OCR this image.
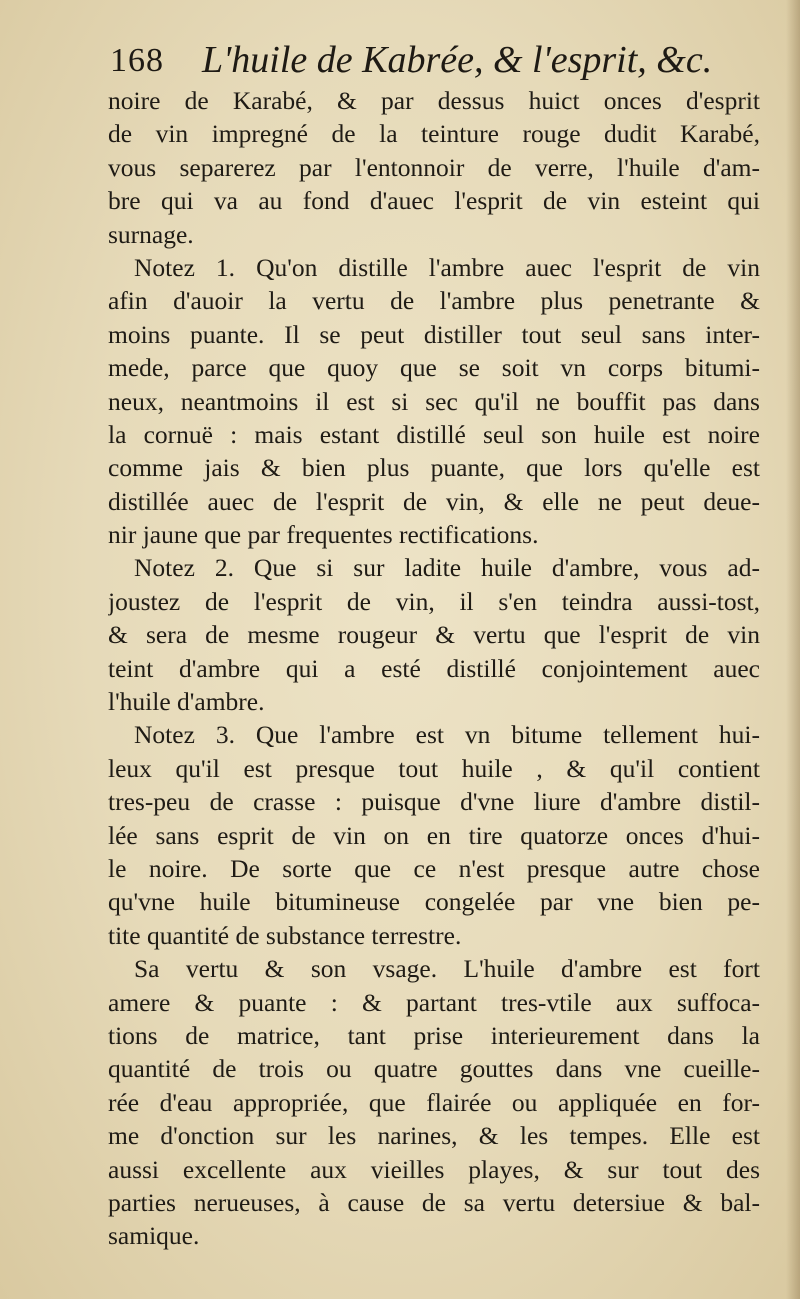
168 L'huile de Kabrée, & l'esprit, &c.
noire de Karabé, & par dessus huict onces d'esprit
de vin impregné de la teinture rouge dudit Karabé,
vous separerez par l'entonnoir de verre, l'huile d'am-
bre qui va au fond d'auec l'esprit de vin esteint qui
surnage.
Notez 1. Qu'on distille l'ambre auec l'esprit de vin
afin d'auoir la vertu de l'ambre plus penetrante &
moins puante. Il se peut distiller tout seul sans inter-
mede, parce que quoy que se soit vn corps bitumi-
neux, neantmoins il est si sec qu'il ne bouffit pas dans
la cornuë : mais estant distillé seul son huile est noire
comme jais & bien plus puante, que lors qu'elle est
distillée auec de l'esprit de vin, & elle ne peut deue-
nir jaune que par frequentes rectifications.
Notez 2. Que si sur ladite huile d'ambre, vous ad-
joustez de l'esprit de vin, il s'en teindra aussi-tost,
& sera de mesme rougeur & vertu que l'esprit de vin
teint d'ambre qui a esté distillé conjointement auec
l'huile d'ambre.
Notez 3. Que l'ambre est vn bitume tellement hui-
leux qu'il est presque tout huile , & qu'il contient
tres-peu de crasse : puisque d'vne liure d'ambre distil-
lée sans esprit de vin on en tire quatorze onces d'hui-
le noire. De sorte que ce n'est presque autre chose
qu'vne huile bitumineuse congelée par vne bien pe-
tite quantité de substance terrestre.
Sa vertu & son vsage. L'huile d'ambre est fort
amere & puante : & partant tres-vtile aux suffoca-
tions de matrice, tant prise interieurement dans la
quantité de trois ou quatre gouttes dans vne cueille-
rée d'eau appropriée, que flairée ou appliquée en for-
me d'onction sur les narines, & les tempes. Elle est
aussi excellente aux vieilles playes, & sur tout des
parties nerueuses, à cause de sa vertu detersiue & bal-
samique.
